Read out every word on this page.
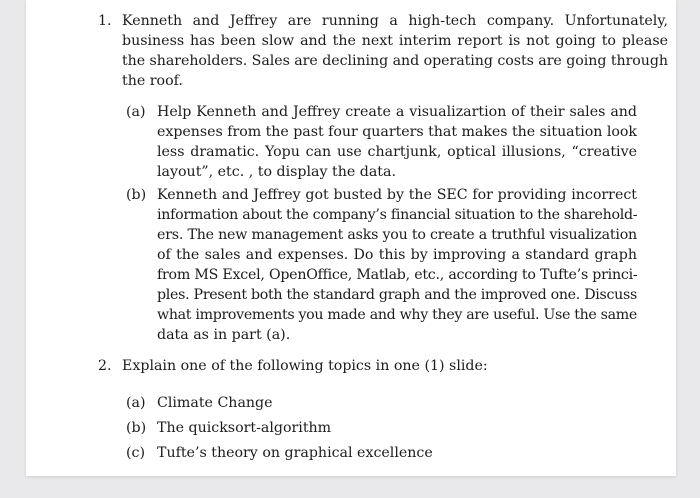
1. Kenneth and Jeffrey are running a high-tech company. Unfortunately,
business has been slow and the next interim report is not going to please
the shareholders. Sales are declining and operating costs are going through
the roof.
(a) Help Kenneth and Jeffrey create a visualizartion of their sales and
expenses from the past four quarters that makes the situation look
less dramatic. Yopu can use chartjunk, optical illusions, “creative
layout”, etc. , to display the data.
(b) Kenneth and Jeffrey got busted by the SEC for providing incorrect
information about the company’s financial situation to the sharehold-
ers. The new management asks you to create a truthful visualization
of the sales and expenses. Do this by improving a standard graph
from MS Excel, OpenOffice, Matlab, etc., according to Tufte’s princi-
ples. Present both the standard graph and the improved one. Discuss
what improvements you made and why they are useful. Use the same
data as in part (a).
2. Explain one of the following topics in one (1) slide:
(a) Climate Change
(b) The quicksort-algorithm
(c) Tufte’s theory on graphical excellence
